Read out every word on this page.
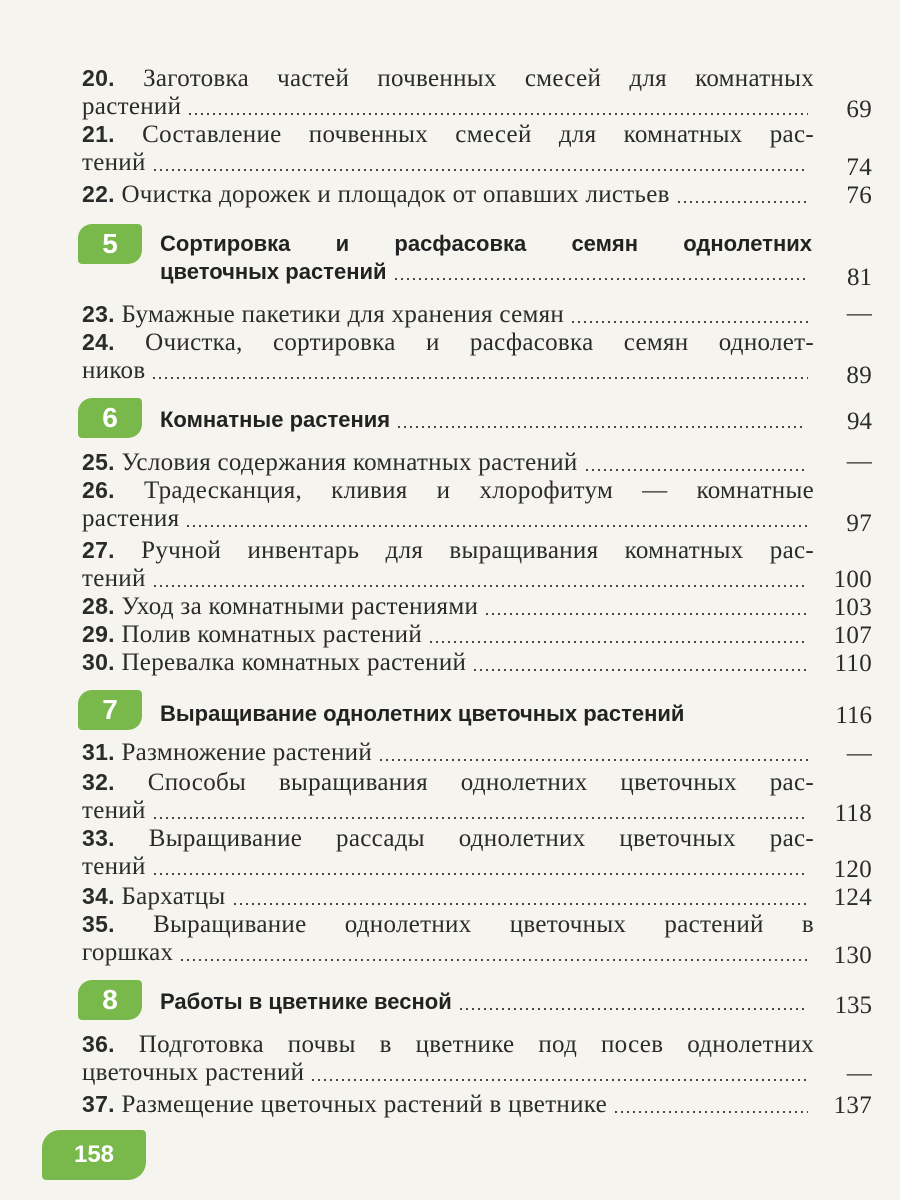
20. Заготовка частей почвенных смесей для комнатных
растений	69
21. Составление почвенных смесей для комнатных рас-
тений	74
22. Очистка дорожек и площадок от опавших листьев	76
5	Сортировка и расфасовка семян однолетних
цветочных растений	81
23. Бумажные пакетики для хранения семян	—
24. Очистка, сортировка и расфасовка семян однолет-
ников	89
6	Комнатные растения	94
25. Условия содержания комнатных растений	—
26. Традесканция, кливия и хлорофитум — комнатные
растения	97
27. Ручной инвентарь для выращивания комнатных рас-
тений	100
28. Уход за комнатными растениями	103
29. Полив комнатных растений	107
30. Перевалка комнатных растений	110
7	Выращивание однолетних цветочных растений	116
31. Размножение растений	—
32. Способы выращивания однолетних цветочных рас-
тений	118
33. Выращивание рассады однолетних цветочных рас-
тений	120
34. Бархатцы	124
35. Выращивание однолетних цветочных растений в
горшках	130
8	Работы в цветнике весной	135
36. Подготовка почвы в цветнике под посев однолетних
цветочных растений	—
37. Размещение цветочных растений в цветнике	137
158
